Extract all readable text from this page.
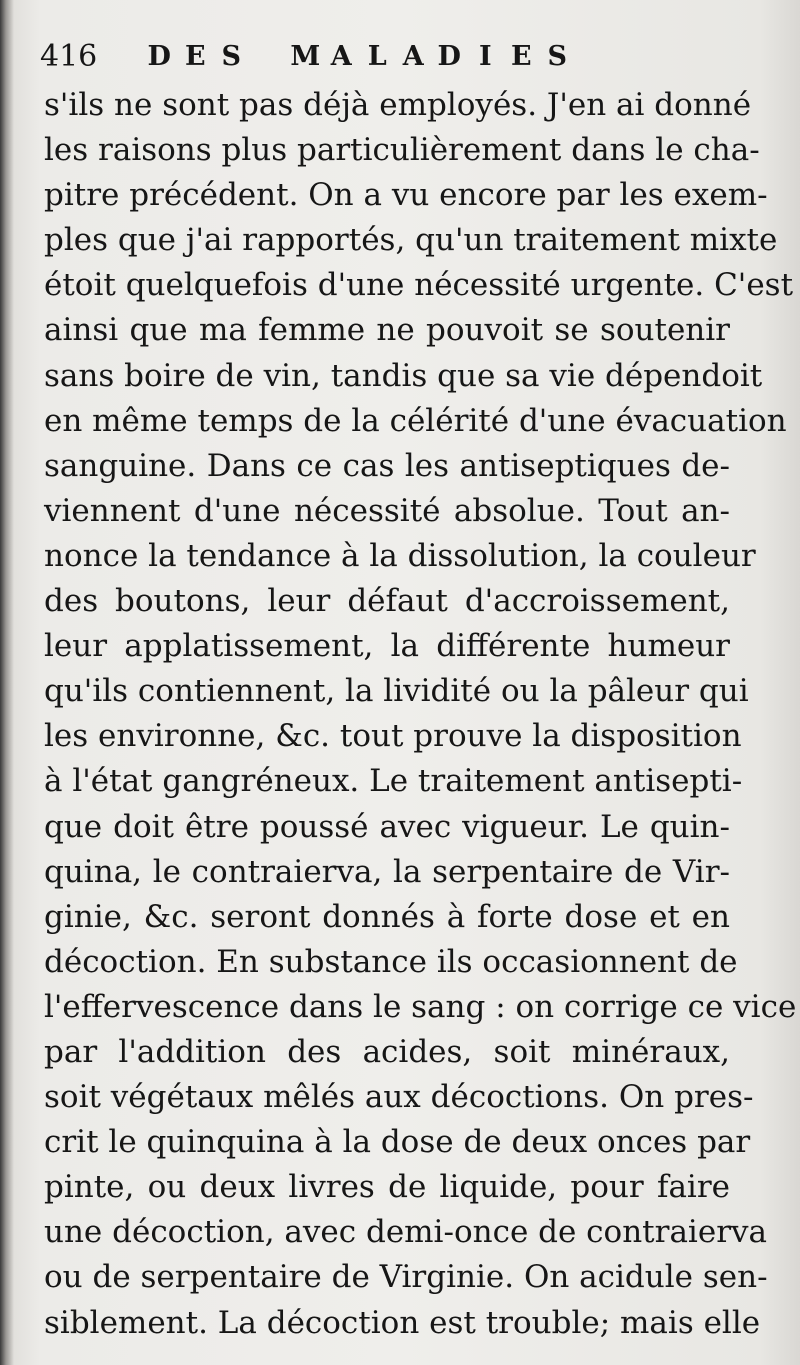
416 D E S	M A L A D I E S
s'ils ne sont pas déjà employés. J'en ai donné
les raisons plus particulièrement dans le cha-
pitre précédent. On a vu encore par les exem-
ples que j'ai rapportés, qu'un traitement mixte
étoit quelquefois d'une nécessité urgente. C'est
ainsi que ma femme ne pouvoit se soutenir
sans boire de vin, tandis que sa vie dépendoit
en même temps de la célérité d'une évacuation
sanguine. Dans ce cas les antiseptiques de-
viennent d'une nécessité absolue. Tout an-
nonce la tendance à la dissolution, la couleur
des boutons, leur défaut d'accroissement,
leur applatissement, la différente humeur
qu'ils contiennent, la lividité ou la pâleur qui
les environne, &c. tout prouve la disposition
à l'état gangréneux. Le traitement antisepti-
que doit être poussé avec vigueur. Le quin-
quina, le contraierva, la serpentaire de Vir-
ginie, &c. seront donnés à forte dose et en
décoction. En substance ils occasionnent de
l'effervescence dans le sang : on corrige ce vice
par l'addition des acides, soit minéraux,
soit végétaux mêlés aux décoctions. On pres-
crit le quinquina à la dose de deux onces par
pinte, ou deux livres de liquide, pour faire
une décoction, avec demi-once de contraierva
ou de serpentaire de Virginie. On acidule sen-
siblement. La décoction est trouble; mais elle
